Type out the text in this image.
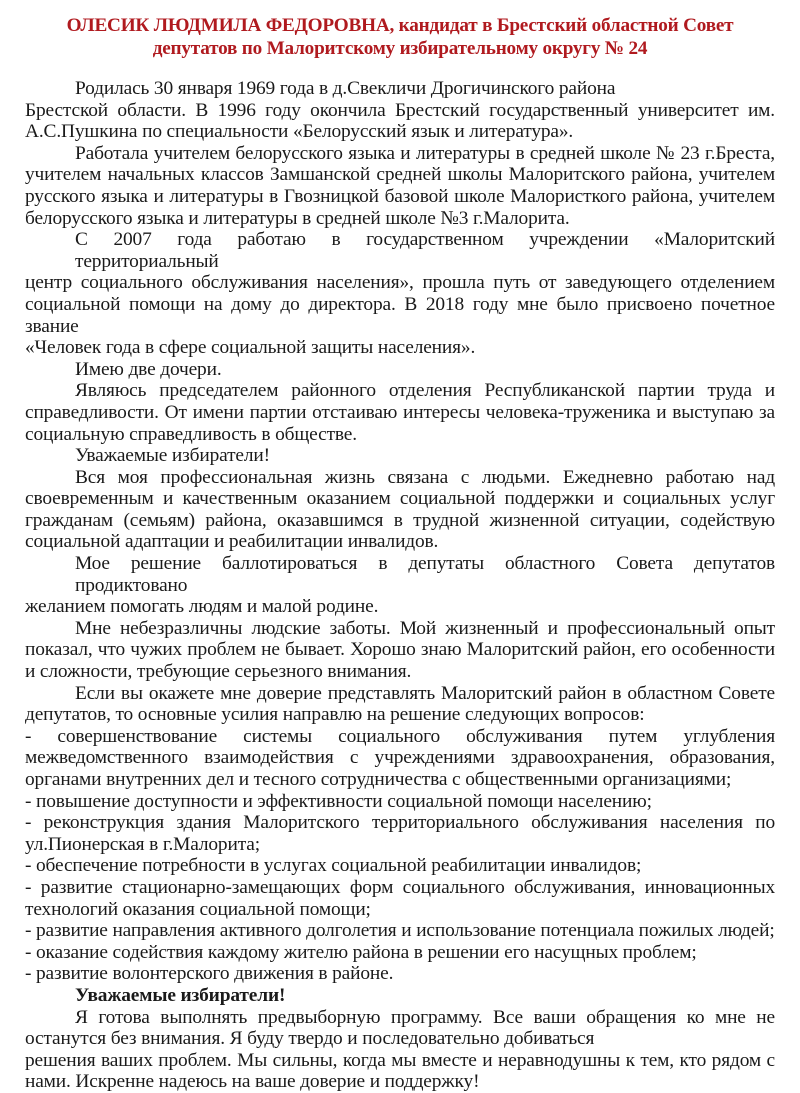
ОЛЕСИК ЛЮДМИЛА ФЕДОРОВНА, кандидат в Брестский областной Совет
депутатов по Малоритскому избирательному округу № 24

Родилась 30 января 1969 года в д.Свекличи Дрогичинского района
Брестской области. В 1996 году окончила Брестский государственный университет им.
А.С.Пушкина по специальности «Белорусский язык и литература».

Работала учителем белорусского языка и литературы в средней школе № 23 г.Бреста,
учителем начальных классов Замшанской средней школы Малоритского района, учителем
русского языка и литературы в Гвозницкой базовой школе Малористкого района, учителем
белорусского языка и литературы в средней школе №3 г.Малорита.

С 2007 года работаю в государственном учреждении «Малоритский территориальный
центр социального обслуживания населения», прошла путь от заведующего отделением
социальной помощи на дому до директора. В 2018 году мне было присвоено почетное звание
«Человек года в сфере социальной защиты населения».

Имею две дочери.

Являюсь председателем районного отделения Республиканской партии труда и
справедливости. От имени партии отстаиваю интересы человека-труженика и выступаю за
социальную справедливость в обществе.

Уважаемые избиратели!

Вся моя профессиональная жизнь связана с людьми. Ежедневно работаю над
своевременным и качественным оказанием социальной поддержки и социальных услуг
гражданам (семьям) района, оказавшимся в трудной жизненной ситуации, содействую
социальной адаптации и реабилитации инвалидов.

Мое решение баллотироваться в депутаты областного Совета депутатов продиктовано
желанием помогать людям и малой родине.

Мне небезразличны людские заботы. Мой жизненный и профессиональный опыт
показал, что чужих проблем не бывает. Хорошо знаю Малоритский район, его особенности
и сложности, требующие серьезного внимания.

Если вы окажете мне доверие представлять Малоритский район в областном Совете
депутатов, то основные усилия направлю на решение следующих вопросов:

- совершенствование системы социального обслуживания путем углубления
межведомственного взаимодействия с учреждениями здравоохранения, образования,
органами внутренних дел и тесного сотрудничества с общественными организациями;

- повышение доступности и эффективности социальной помощи населению;

- реконструкция здания Малоритского территориального обслуживания населения по
ул.Пионерская в г.Малорита;

- обеспечение потребности в услугах социальной реабилитации инвалидов;

- развитие стационарно-замещающих форм социального обслуживания, инновационных
технологий оказания социальной помощи;

- развитие направления активного долголетия и использование потенциала пожилых людей;

- оказание содействия каждому жителю района в решении его насущных проблем;

- развитие волонтерского движения в районе.

Уважаемые избиратели!

Я готова выполнять предвыборную программу. Все ваши обращения ко мне не
останутся без внимания. Я буду твердо и последовательно добиваться
решения ваших проблем. Мы сильны, когда мы вместе и неравнодушны к тем, кто рядом с
нами. Искренне надеюсь на ваше доверие и поддержку!
